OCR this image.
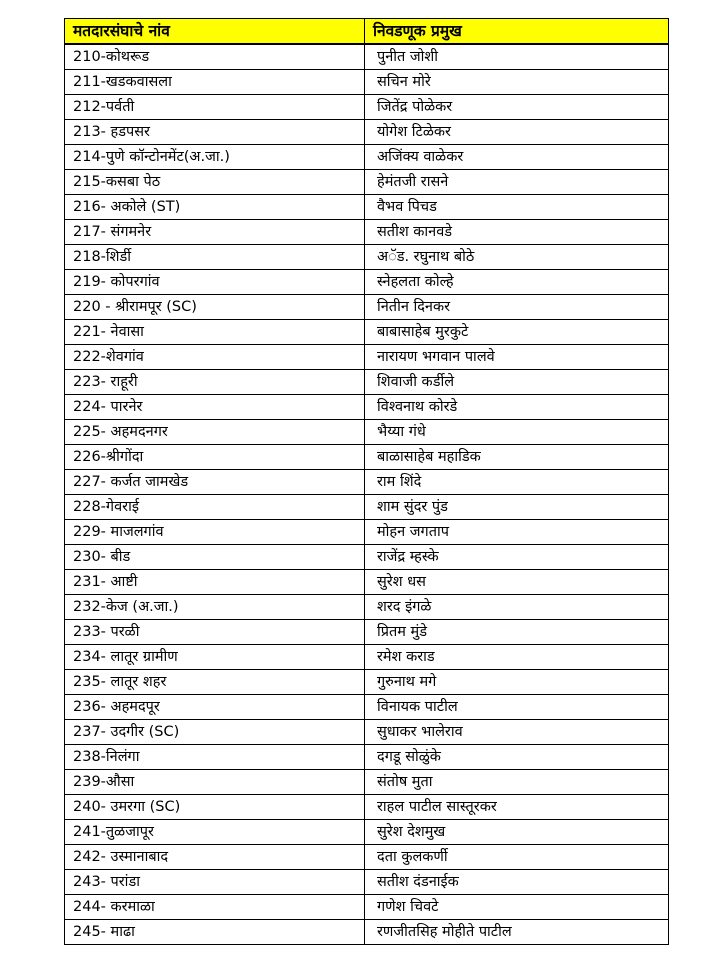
मतदारसंघाचे नांव	निवडणूक प्रमुख
210-कोथरूड	पुनीत जोशी
211-खडकवासला	सचिन मोरे
212-पर्वती	जितेंद्र पोळेकर
213- हडपसर	योगेश टिळेकर
214-पुणे कॉन्टोनमेंट(अ.जा.)	अजिंक्य वाळेकर
215-कसबा पेठ	हेमंतजी रासने
216- अकोले (ST)	वैभव पिचड
217- संगमनेर	सतीश कानवडे
218-शिर्डी	अॅड. रघुनाथ बोठे
219- कोपरगांव	स्नेहलता कोल्हे
220 - श्रीरामपूर (SC)	नितीन दिनकर
221- नेवासा	बाबासाहेब मुरकुटे
222-शेवगांव	नारायण भगवान पालवे
223- राहूरी	शिवाजी कर्डीले
224- पारनेर	विश्वनाथ कोरडे
225- अहमदनगर	भैय्या गंधे
226-श्रीगोंदा	बाळासाहेब महाडिक
227- कर्जत जामखेड	राम शिंदे
228-गेवराई	शाम सुंदर पुंड
229- माजलगांव	मोहन जगताप
230- बीड	राजेंद्र म्हस्के
231- आष्टी	सुरेश धस
232-केज (अ.जा.)	शरद इंगळे
233- परळी	प्रितम मुंडे
234- लातूर ग्रामीण	रमेश कराड
235- लातूर शहर	गुरुनाथ मगे
236- अहमदपूर	विनायक पाटील
237- उदगीर (SC)	सुधाकर भालेराव
238-निलंगा	दगडू सोळुंके
239-औसा	संतोष मुता
240- उमरगा (SC)	राहल पाटील सास्तूरकर
241-तुळजापूर	सुरेश देशमुख
242- उस्मानाबाद	दता कुलकर्णी
243- परांडा	सतीश दंडनाईक
244- करमाळा	गणेश चिवटे
245- माढा	रणजीतसिह मोहीते पाटील
